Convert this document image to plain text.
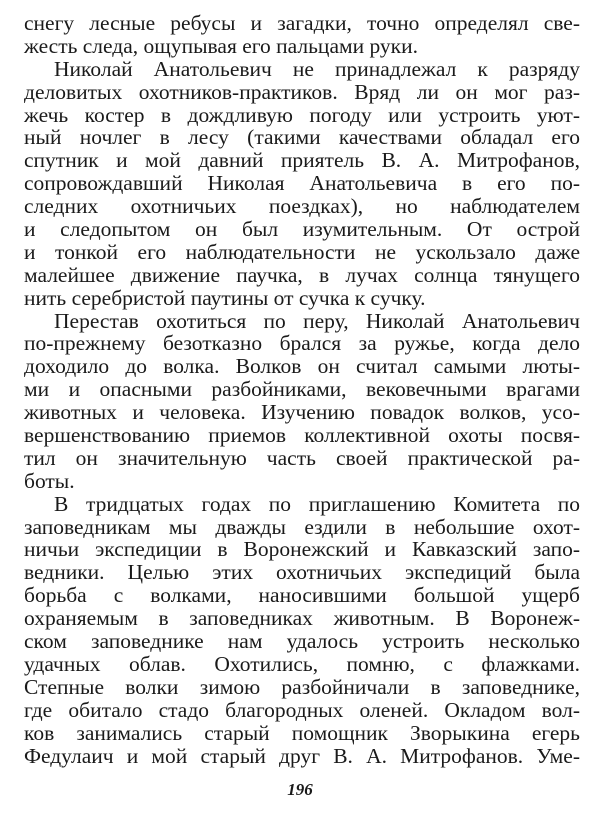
снегу лесные ребусы и загадки, точно определял све-
жесть следа, ощупывая его пальцами руки.
Николай Анатольевич не принадлежал к разряду
деловитых охотников-практиков. Вряд ли он мог раз-
жечь костер в дождливую погоду или устроить уют-
ный ночлег в лесу (такими качествами обладал его
спутник и мой давний приятель В. А. Митрофанов,
сопровождавший Николая Анатольевича в его по-
следних охотничьих поездках), но наблюдателем
и следопытом он был изумительным. От острой
и тонкой его наблюдательности не ускользало даже
малейшее движение паучка, в лучах солнца тянущего
нить серебристой паутины от сучка к сучку.
Перестав охотиться по перу, Николай Анатольевич
по-прежнему безотказно брался за ружье, когда дело
доходило до волка. Волков он считал самыми люты-
ми и опасными разбойниками, вековечными врагами
животных и человека. Изучению повадок волков, усо-
вершенствованию приемов коллективной охоты посвя-
тил он значительную часть своей практической ра-
боты.
В тридцатых годах по приглашению Комитета по
заповедникам мы дважды ездили в небольшие охот-
ничьи экспедиции в Воронежский и Кавказский запо-
ведники. Целью этих охотничьих экспедиций была
борьба с волками, наносившими большой ущерб
охраняемым в заповедниках животным. В Воронеж-
ском заповеднике нам удалось устроить несколько
удачных облав. Охотились, помню, с флажками.
Степные волки зимою разбойничали в заповеднике,
где обитало стадо благородных оленей. Окладом вол-
ков занимались старый помощник Зворыкина егерь
Федулаич и мой старый друг В. А. Митрофанов. Уме-
196
